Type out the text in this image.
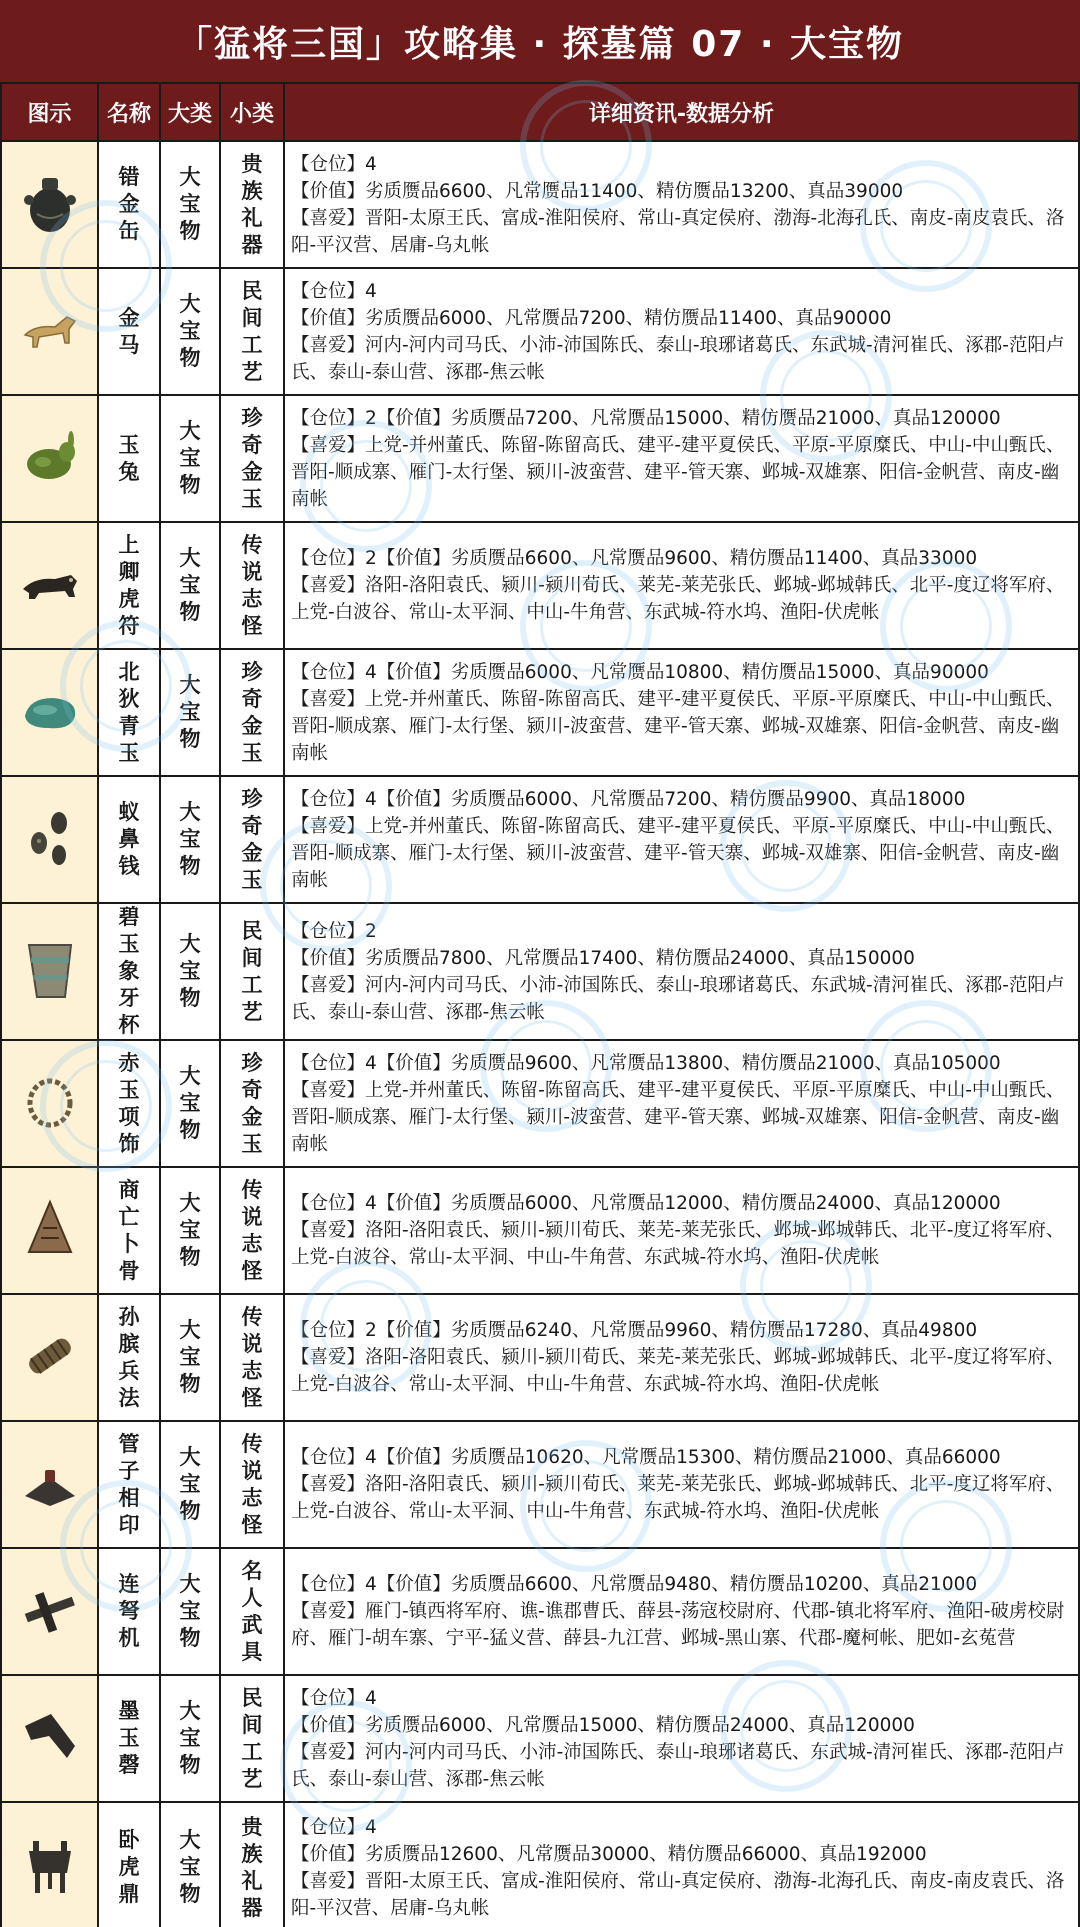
「猛将三国」攻略集 · 探墓篇 07 · 大宝物
图示	名称	大类	小类	详细资讯-数据分析
	错金缶	大宝物	贵族礼器	【仓位】4
【价值】劣质赝品6600、凡常赝品11400、精仿赝品13200、真品39000
【喜爱】晋阳-太原王氏、富成-淮阳侯府、常山-真定侯府、渤海-北海孔氏、南皮-南皮袁氏、洛阳-平汉营、居庸-乌丸帐

	金马	大宝物	民间工艺	【仓位】4
【价值】劣质赝品6000、凡常赝品7200、精仿赝品11400、真品90000
【喜爱】河内-河内司马氏、小沛-沛国陈氏、泰山-琅琊诸葛氏、东武城-清河崔氏、涿郡-范阳卢氏、泰山-泰山营、涿郡-焦云帐

	玉兔	大宝物	珍奇金玉	【仓位】2【价值】劣质赝品7200、凡常赝品15000、精仿赝品21000、真品120000
【喜爱】上党-并州董氏、陈留-陈留高氏、建平-建平夏侯氏、平原-平原糜氏、中山-中山甄氏、晋阳-顺成寨、雁门-太行堡、颍川-波蛮营、建平-管天寨、邺城-双雄寨、阳信-金帆营、南皮-幽南帐

	上卿虎符	大宝物	传说志怪	【仓位】2【价值】劣质赝品6600、凡常赝品9600、精仿赝品11400、真品33000
【喜爱】洛阳-洛阳袁氏、颍川-颍川荀氏、莱芜-莱芜张氏、邺城-邺城韩氏、北平-度辽将军府、上党-白波谷、常山-太平洞、中山-牛角营、东武城-符水坞、渔阳-伏虎帐

	北狄青玉	大宝物	珍奇金玉	【仓位】4【价值】劣质赝品6000、凡常赝品10800、精仿赝品15000、真品90000
【喜爱】上党-并州董氏、陈留-陈留高氏、建平-建平夏侯氏、平原-平原糜氏、中山-中山甄氏、晋阳-顺成寨、雁门-太行堡、颍川-波蛮营、建平-管天寨、邺城-双雄寨、阳信-金帆营、南皮-幽南帐

	蚁鼻钱	大宝物	珍奇金玉	【仓位】4【价值】劣质赝品6000、凡常赝品7200、精仿赝品9900、真品18000
【喜爱】上党-并州董氏、陈留-陈留高氏、建平-建平夏侯氏、平原-平原糜氏、中山-中山甄氏、晋阳-顺成寨、雁门-太行堡、颍川-波蛮营、建平-管天寨、邺城-双雄寨、阳信-金帆营、南皮-幽南帐

	碧玉象牙杯	大宝物	民间工艺	【仓位】2
【价值】劣质赝品7800、凡常赝品17400、精仿赝品24000、真品150000
【喜爱】河内-河内司马氏、小沛-沛国陈氏、泰山-琅琊诸葛氏、东武城-清河崔氏、涿郡-范阳卢氏、泰山-泰山营、涿郡-焦云帐

	赤玉项饰	大宝物	珍奇金玉	【仓位】4【价值】劣质赝品9600、凡常赝品13800、精仿赝品21000、真品105000
【喜爱】上党-并州董氏、陈留-陈留高氏、建平-建平夏侯氏、平原-平原糜氏、中山-中山甄氏、晋阳-顺成寨、雁门-太行堡、颍川-波蛮营、建平-管天寨、邺城-双雄寨、阳信-金帆营、南皮-幽南帐

	商亡卜骨	大宝物	传说志怪	【仓位】4【价值】劣质赝品6000、凡常赝品12000、精仿赝品24000、真品120000
【喜爱】洛阳-洛阳袁氏、颍川-颍川荀氏、莱芜-莱芜张氏、邺城-邺城韩氏、北平-度辽将军府、上党-白波谷、常山-太平洞、中山-牛角营、东武城-符水坞、渔阳-伏虎帐

	孙膑兵法	大宝物	传说志怪	【仓位】2【价值】劣质赝品6240、凡常赝品9960、精仿赝品17280、真品49800
【喜爱】洛阳-洛阳袁氏、颍川-颍川荀氏、莱芜-莱芜张氏、邺城-邺城韩氏、北平-度辽将军府、上党-白波谷、常山-太平洞、中山-牛角营、东武城-符水坞、渔阳-伏虎帐

	管子相印	大宝物	传说志怪	【仓位】4【价值】劣质赝品10620、凡常赝品15300、精仿赝品21000、真品66000
【喜爱】洛阳-洛阳袁氏、颍川-颍川荀氏、莱芜-莱芜张氏、邺城-邺城韩氏、北平-度辽将军府、上党-白波谷、常山-太平洞、中山-牛角营、东武城-符水坞、渔阳-伏虎帐

	连弩机	大宝物	名人武具	【仓位】4【价值】劣质赝品6600、凡常赝品9480、精仿赝品10200、真品21000
【喜爱】雁门-镇西将军府、谯-谯郡曹氏、薛县-荡寇校尉府、代郡-镇北将军府、渔阳-破虏校尉府、雁门-胡车寨、宁平-猛义营、薛县-九江营、邺城-黑山寨、代郡-魔柯帐、肥如-玄菟营

	墨玉磬	大宝物	民间工艺	【仓位】4
【价值】劣质赝品6000、凡常赝品15000、精仿赝品24000、真品120000
【喜爱】河内-河内司马氏、小沛-沛国陈氏、泰山-琅琊诸葛氏、东武城-清河崔氏、涿郡-范阳卢氏、泰山-泰山营、涿郡-焦云帐

	卧虎鼎	大宝物	贵族礼器	【仓位】4
【价值】劣质赝品12600、凡常赝品30000、精仿赝品66000、真品192000
【喜爱】晋阳-太原王氏、富成-淮阳侯府、常山-真定侯府、渤海-北海孔氏、南皮-南皮袁氏、洛阳-平汉营、居庸-乌丸帐
